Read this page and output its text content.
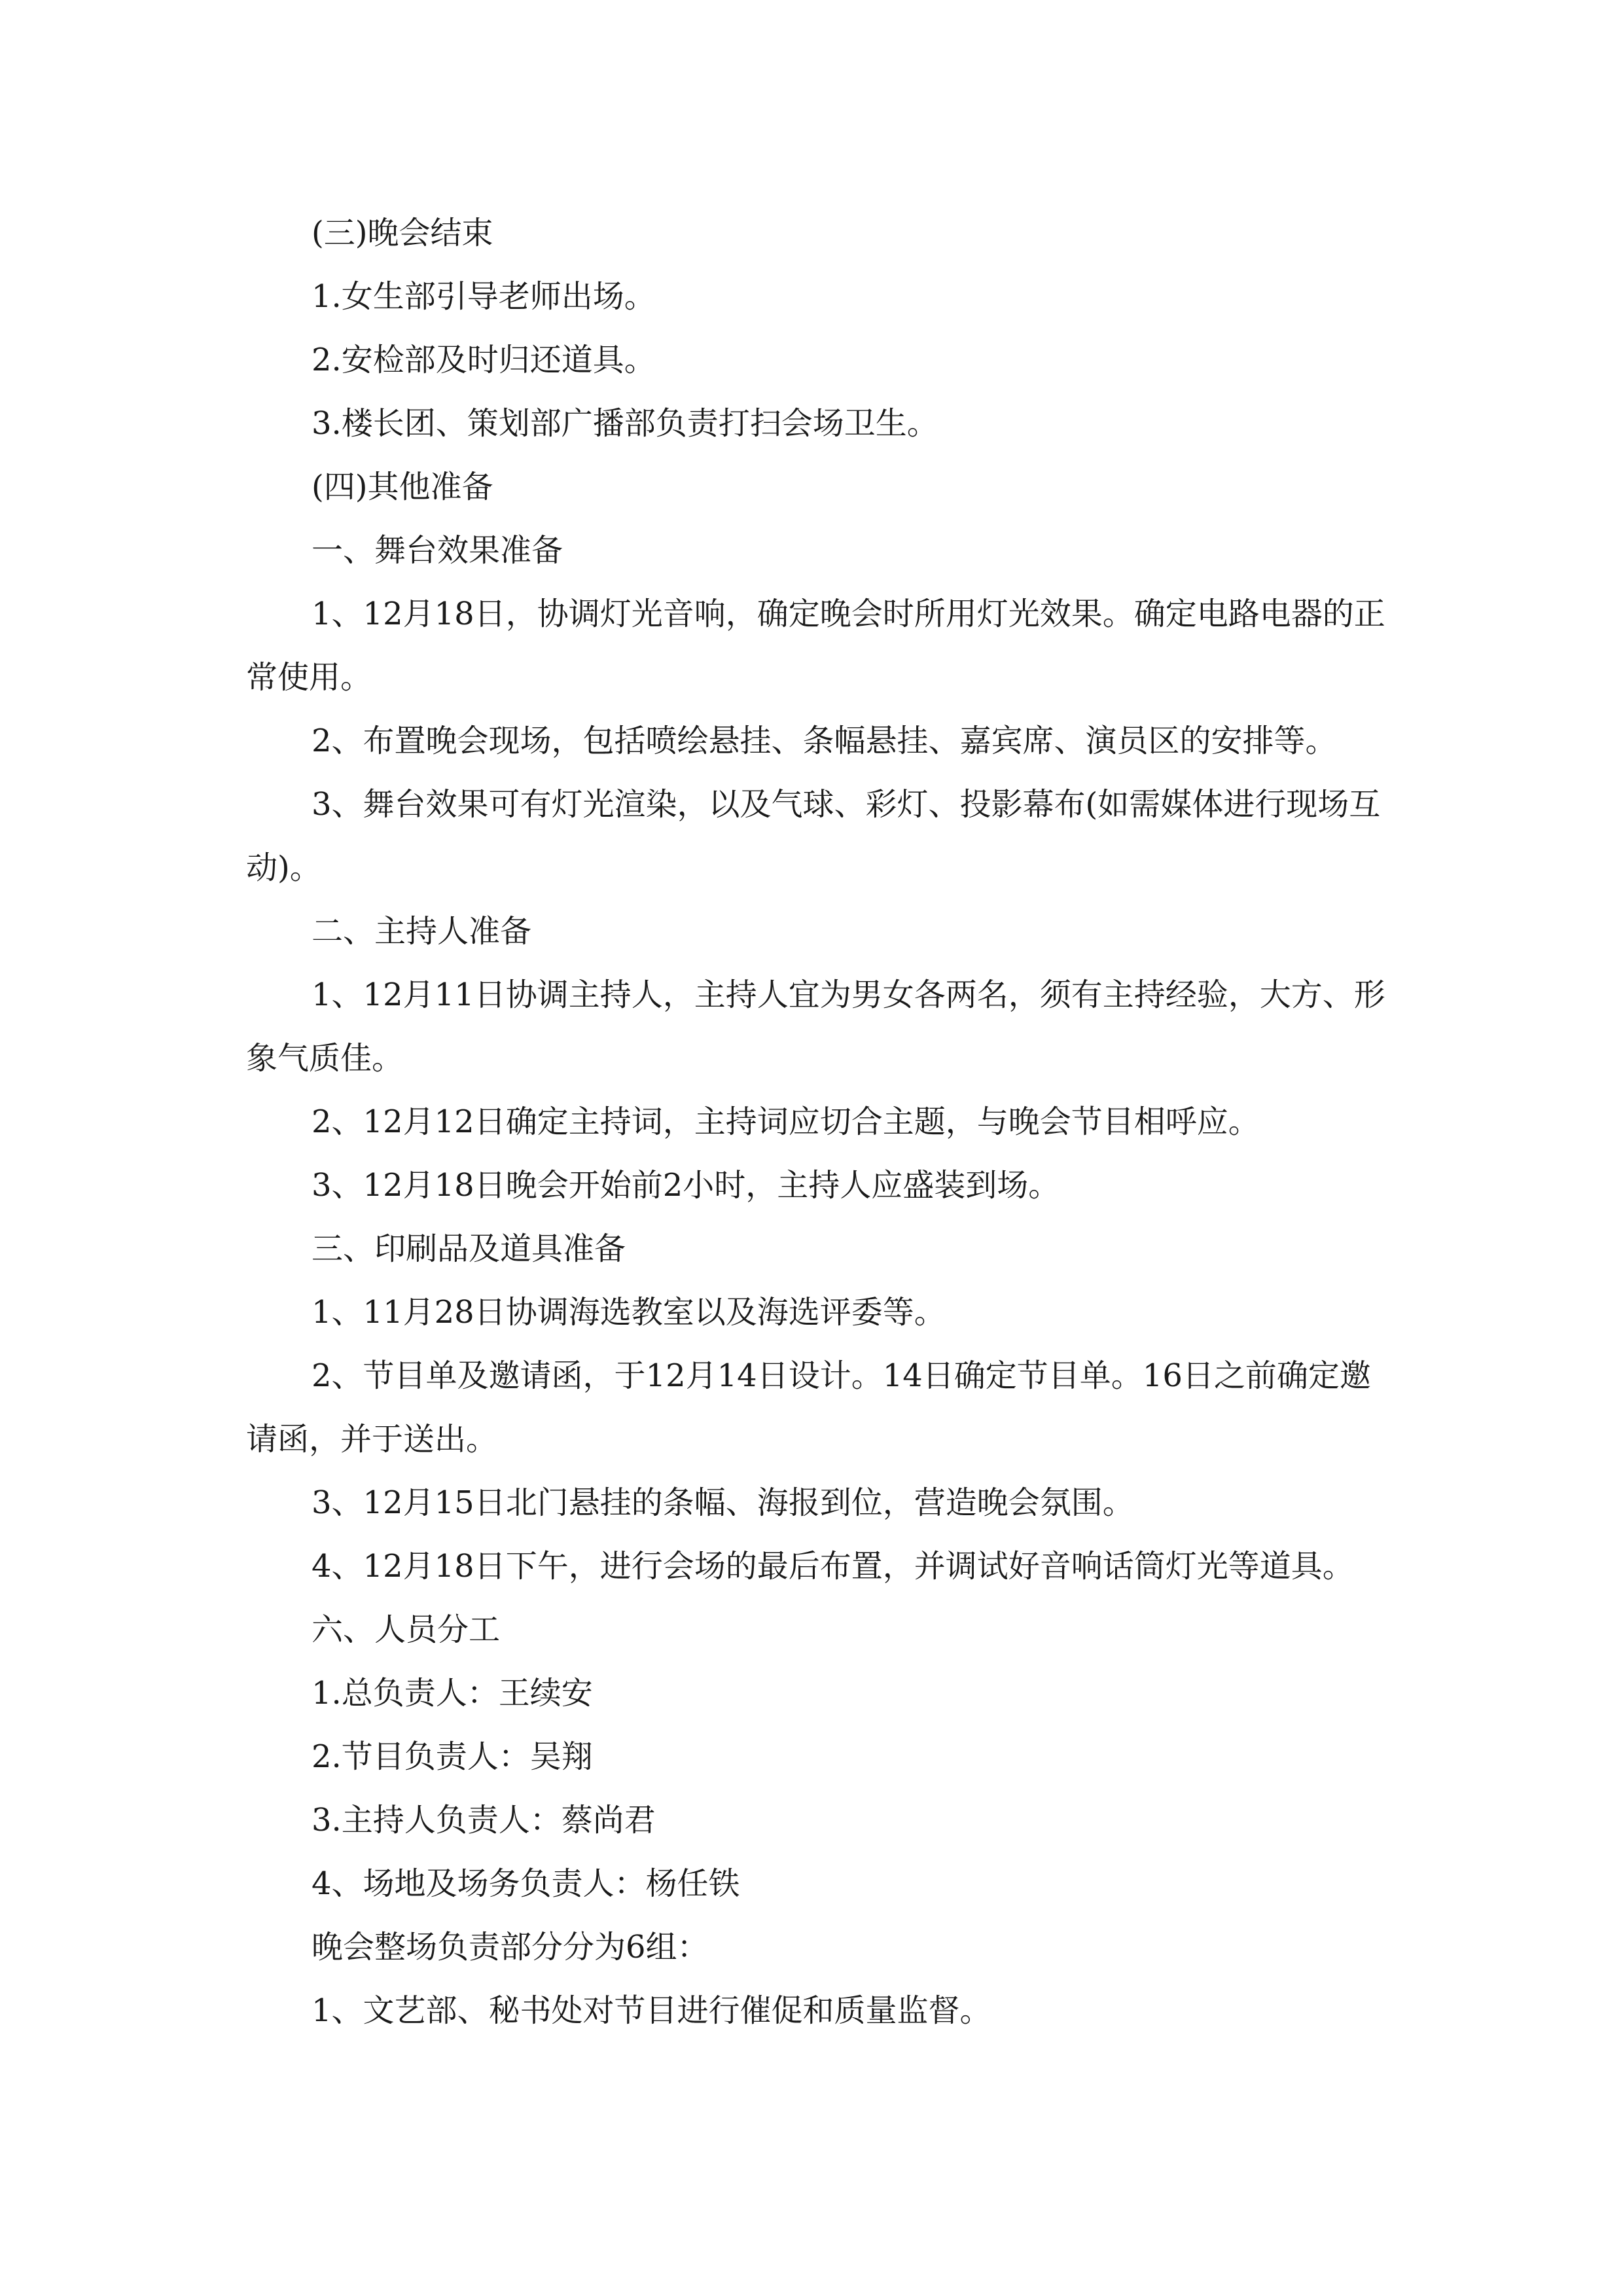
(三)晚会结束

1.女生部引导老师出场。

2.安检部及时归还道具。

3.楼长团、策划部广播部负责打扫会场卫生。

(四)其他准备

一、舞台效果准备

1、12月18日，协调灯光音响，确定晚会时所用灯光效果。确定电路电器的正常使用。

2、布置晚会现场，包括喷绘悬挂、条幅悬挂、嘉宾席、演员区的安排等。

3、舞台效果可有灯光渲染，以及气球、彩灯、投影幕布(如需媒体进行现场互动)。

二、主持人准备

1、12月11日协调主持人，主持人宜为男女各两名，须有主持经验，大方、形象气质佳。

2、12月12日确定主持词，主持词应切合主题，与晚会节目相呼应。

3、12月18日晚会开始前2小时，主持人应盛装到场。

三、印刷品及道具准备

1、11月28日协调海选教室以及海选评委等。

2、节目单及邀请函，于12月14日设计。14日确定节目单。16日之前确定邀请函，并于送出。

3、12月15日北门悬挂的条幅、海报到位，营造晚会氛围。

4、12月18日下午，进行会场的最后布置，并调试好音响话筒灯光等道具。

六、人员分工

1.总负责人：王续安

2.节目负责人：吴翔

3.主持人负责人：蔡尚君

4、场地及场务负责人：杨任铁

晚会整场负责部分分为6组：

1、文艺部、秘书处对节目进行催促和质量监督。
